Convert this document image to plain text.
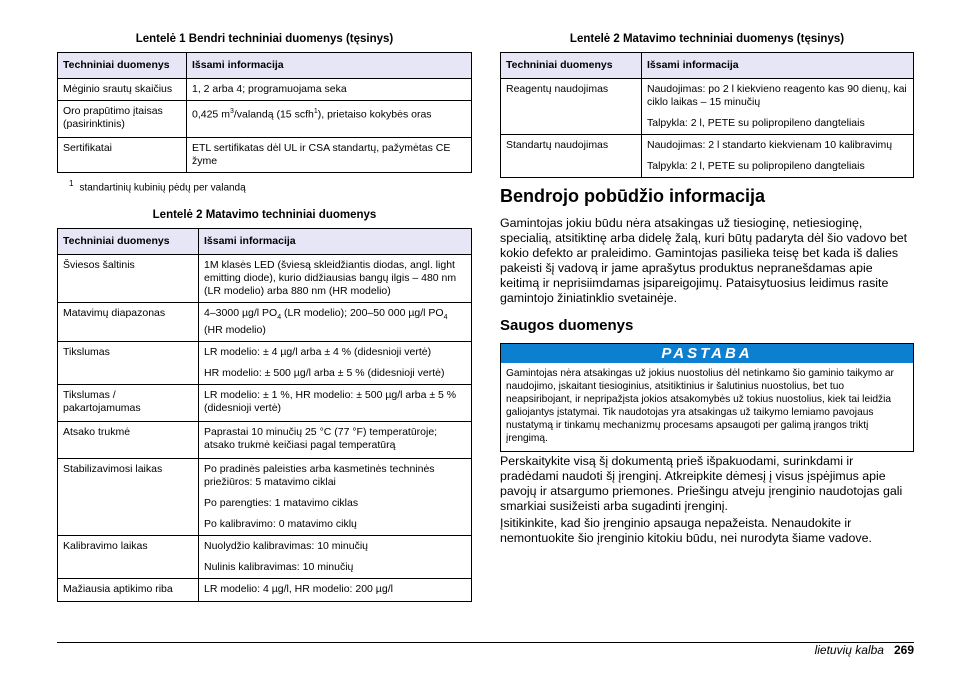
Lentelė 1 Bendri techniniai duomenys (tęsinys)
Techniniai duomenys	Išsami informacija
Mėginio srautų skaičius	1, 2 arba 4; programuojama seka
Oro prapūtimo įtaisas (pasirinktinis)	0,425 $m^3$/valandą (15 scfh$^1$), prietaiso kokybės oras
Sertifikatai	ETL sertifikatas dėl UL ir CSA standartų, pažymėtas CE žyme
$^1$ standartinių kubinių pėdų per valandą
Lentelė 2 Matavimo techniniai duomenys
Techniniai duomenys	Išsami informacija
Šviesos šaltinis	1M klasės LED (šviesą skleidžiantis diodas, angl. light emitting diode), kurio didžiausias bangų ilgis – 480 nm (LR modelio) arba 880 nm (HR modelio)

Matavimų diapazonas	4–3000 µg/l $PO_4$ (LR modelio); 200–50 000 µg/l $PO_4$ (HR modelio)
Tikslumas	LR modelio: ± 4 µg/l arba ± 4 % (didesnioji vertė)

HR modelio: ± 500 µg/l arba ± 5 % (didesnioji vertė)

Tikslumas / pakartojamumas	LR modelio: ± 1 %, HR modelio: ± 500 µg/l arba ± 5 % (didesnioji vertė)

Atsako trukmė	Paprastai 10 minučių 25 °C (77 °F) temperatūroje; atsako trukmė keičiasi pagal temperatūrą

Stabilizavimosi laikas	Po pradinės paleisties arba kasmetinės techninės priežiūros: 5 matavimo ciklai

Po parengties: 1 matavimo ciklas

Po kalibravimo: 0 matavimo ciklų

Kalibravimo laikas	Nuolydžio kalibravimas: 10 minučių

Nulinis kalibravimas: 10 minučių

Mažiausia aptikimo riba	LR modelio: 4 µg/l, HR modelio: 200 µg/l

Lentelė 2 Matavimo techniniai duomenys (tęsinys)
Techniniai duomenys	Išsami informacija
Reagentų naudojimas	Naudojimas: po 2 l kiekvieno reagento kas 90 dienų, kai ciklo laikas – 15 minučių

Talpykla: 2 l, PETE su polipropileno dangteliais

Standartų naudojimas	Naudojimas: 2 l standarto kiekvienam 10 kalibravimų

Talpykla: 2 l, PETE su polipropileno dangteliais

Bendrojo pobūdžio informacija

Gamintojas jokiu būdu nėra atsakingas už tiesioginę, netiesioginę, specialią, atsitiktinę arba didelę žalą, kuri būtų padaryta dėl šio vadovo bet kokio defekto ar praleidimo. Gamintojas pasilieka teisę bet kada iš dalies pakeisti šį vadovą ir jame aprašytus produktus nepranešdamas apie keitimą ir neprisiimdamas įsipareigojimų. Pataisytuosius leidimus rasite gamintojo žiniatinklio svetainėje.

Saugos duomenys
PASTABA
Gamintojas nėra atsakingas už jokius nuostolius dėl netinkamo šio gaminio taikymo ar naudojimo, įskaitant tiesioginius, atsitiktinius ir šalutinius nuostolius, bet tuo neapsiribojant, ir nepripažįsta jokios atsakomybės už tokius nuostolius, kiek tai leidžia galiojantys įstatymai. Tik naudotojas yra atsakingas už taikymo lemiamo pavojaus nustatymą ir tinkamų mechanizmų procesams apsaugoti per galimą įrangos triktį įrengimą.

Perskaitykite visą šį dokumentą prieš išpakuodami, surinkdami ir pradėdami naudoti šį įrenginį. Atkreipkite dėmesį į visus įspėjimus apie pavojų ir atsargumo priemones. Priešingu atveju įrenginio naudotojas gali smarkiai susižeisti arba sugadinti įrenginį.

Įsitikinkite, kad šio įrenginio apsauga nepažeista. Nenaudokite ir nemontuokite šio įrenginio kitokiu būdu, nei nurodyta šiame vadove.

lietuvių kalba 269
